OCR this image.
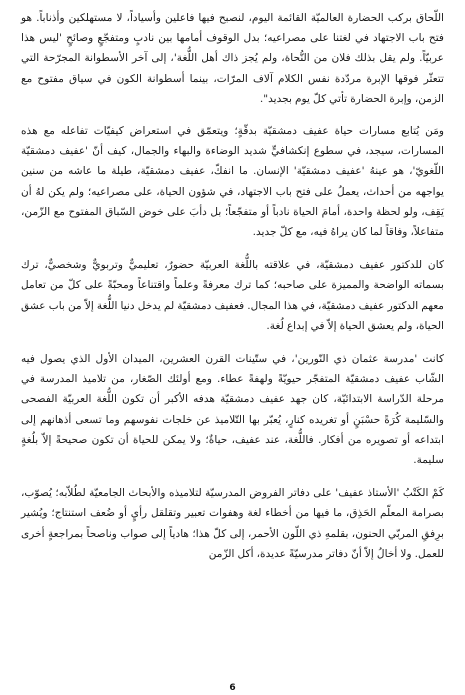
اللّحاق بركب الحضارة العالميّة القائمة اليوم، لنصبح فيها فاعلين وأسياداً، لا مستهلكين وأذناباً. هو فتح باب الاجتهاد في لغتنا على مصراعيه؛ بدل الوقوف أمامها بين نادبٍ ومتفجّعٍ وصائحٍ 'ليس هذا عربيّاً. ولم يقل بذلك فلان من النُّحاة، ولم يُجز ذاك أهل اللُّغة'، إلى آخر الأسطوانة المجرّحة التي تتعثّر فوقها الإبرة مردّدة نفس الكلام آلاف المرّات، بينما أسطوانة الكون في سياق مفتوح مع الزمن، وإبرة الحضارة تأتي كلّ يوم بجديد".

ومَن يُتابع مسارات حياة عفيف دمشقيّة بدقّةٍ؛ ويتعمّق في استعراض كيفيّات تفاعله مع هذه المسارات، سيجد، في سطوع إنكشافيٍّ شديد الوضاءة والبهاء والجمال، كيف أنّ 'عفيف دمشقيّة اللّغويّ'، هو عينهُ 'عفيف دمشقيّة' الإنسان. ما انفكّ، عفيف دمشقيّة، طيلة ما عاشه من سنين يواجهه من أحداث، يعملُ على فتح باب الاجتهاد، في شؤون الحياة، على مصراعيه؛ ولم يكن لهُ أن يَقِف، ولو لحظة واحدة، أمامَ الحياة نادباً أو متفجّعاً؛ بل دأبَ على خوض السّباق المفتوح مع الزّمن، متفاعلاً، وفاقاً لما كان يراهُ فيه، مع كلّ جديد.

كان للدكتور عفيف دمشقيّة، في علاقته باللُّغة العربيّة حضورٌ، تعليميٌّ وتربويٌّ وشخصيٌّ، ترك بسماته الواضحة والمميزة على صاحبه؛ كما ترك معرفةً وعلماً واقتناعاً ومحبّةً على كلّ من تعامل معهم الدكتور عفيف دمشقيّة، في هذا المجال. فعفيف دمشقيّة لم يدخل دنيا اللُّغة إلاّ من باب عشق الحياة، ولم يعشق الحياة إلاّ في إبداع لُغة.

كانت 'مدرسة عثمان ذي النّورين'، في ستّينات القرن العشرين، الميدان الأول الذي يصول فيه الشّاب عفيف دمشقيّة المتفجّر حيويّةً ولهفةً عطاء. ومع أولئك الصّغار، من تلاميذ المدرسة في مرحلة الدّراسة الابتدائيّة، كان جهد عفيف دمشقيّة هدفه الأكبر أن تكون اللُّغة العربيّة الفصحى والسّليمة كُرَةً حسْبَنٍ أو تغريده كنارٍ، يُعبّر بها التّلاميذ عن خلجات نفوسهم وما تسعى أذهانهم إلى ابتداعه أو تصويره من أفكار. فاللُّغة، عند عفيف، حياةٌ؛ ولا يمكن للحياة أن تكون صحيحةً إلاّ بلُغةٍ سليمة.

كَمْ الكَتْبُ 'الأستاذ عفيف' على دفاتر الفروض المدرسيّة لتلاميذه والأبحاث الجامعيّة لطُلاّبه؛ يُصوّب، بصرامة المعلّم الحَذِق، ما فيها من أخطاء لغة وهفوات تعبير وتقلقل رأيٍ أو ضُعف استنتاج؛ ويُشير برِفقِ المربّي الحنون، بقلمهِ ذي اللّون الأحمر، إلى كلّ هذا؛ هادياً إلى صواب وناصحاً بمراجعةٍ أخرى للعمل. ولا أخالُ إلاّ أنّ دفاتر مدرسيّةً عديدة، أكل الزّمن

6
